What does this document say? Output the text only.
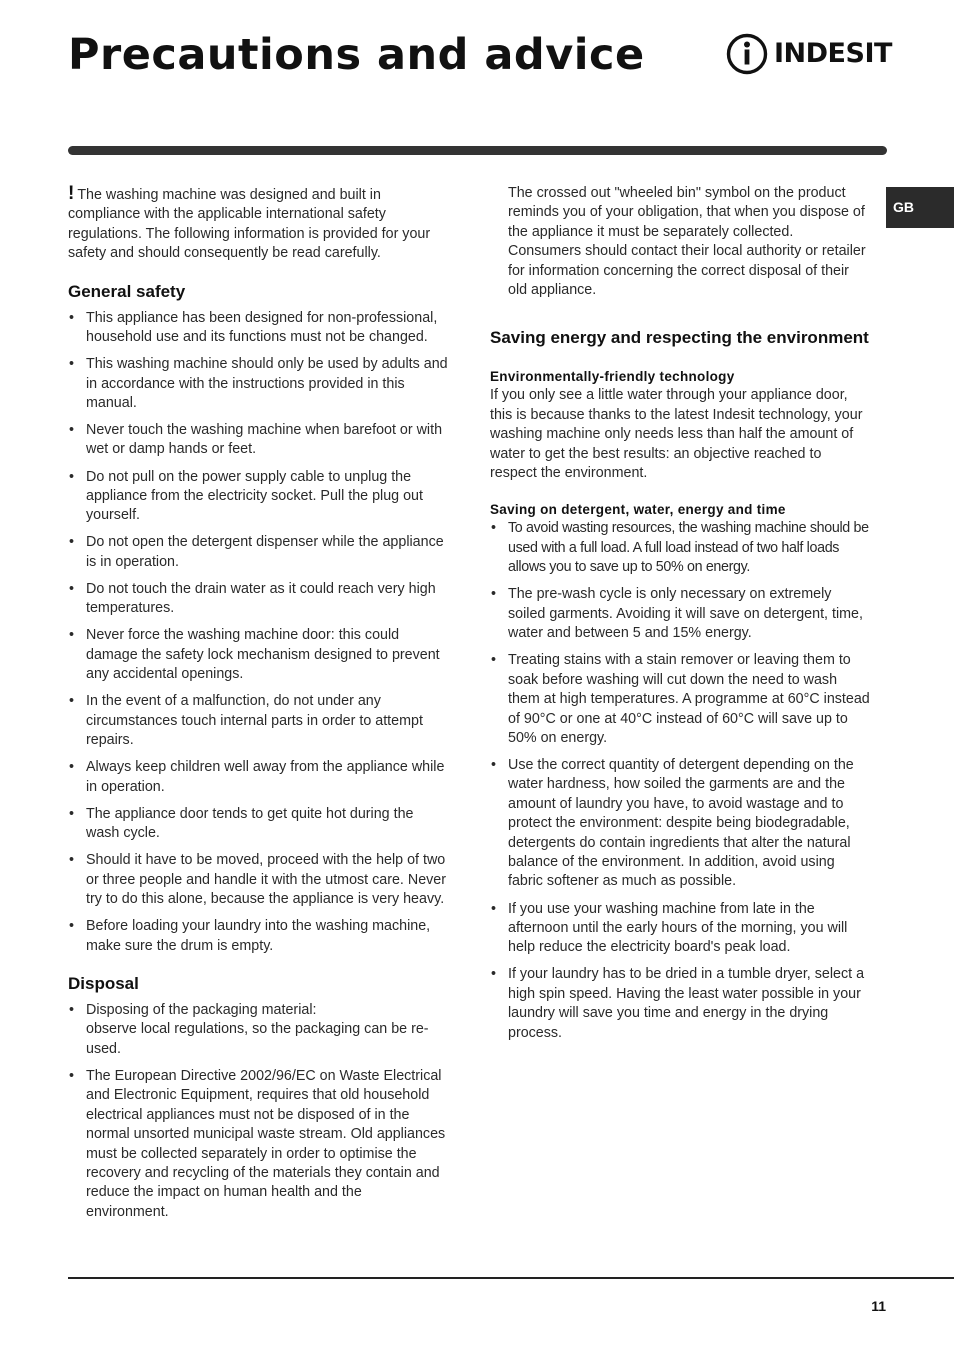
Precautions and advice	INDESIT
GB

! The washing machine was designed and built in compliance with the applicable international safety regulations. The following information is provided for your safety and should consequently be read carefully.

General safety
• This appliance has been designed for non-professional, household use and its functions must not be changed.
• This washing machine should only be used by adults and in accordance with the instructions provided in this manual.
• Never touch the washing machine when barefoot or with wet or damp hands or feet.
• Do not pull on the power supply cable to unplug the appliance from the electricity socket. Pull the plug out yourself.
• Do not open the detergent dispenser while the appliance is in operation.
• Do not touch the drain water as it could reach very high temperatures.
• Never force the washing machine door: this could damage the safety lock mechanism designed to prevent any accidental openings.
• In the event of a malfunction, do not under any circumstances touch internal parts in order to attempt repairs.
• Always keep children well away from the appliance while in operation.
• The appliance door tends to get quite hot during the wash cycle.
• Should it have to be moved, proceed with the help of two or three people and handle it with the utmost care. Never try to do this alone, because the appliance is very heavy.
• Before loading your laundry into the washing machine, make sure the drum is empty.
Disposal
• Disposing of the packaging material:
observe local regulations, so the packaging can be re-used.
• The European Directive 2002/96/EC on Waste Electrical and Electronic Equipment, requires that old household electrical appliances must not be disposed of in the normal unsorted municipal waste stream. Old appliances must be collected separately in order to optimise the recovery and recycling of the materials they contain and reduce the impact on human health and the environment.

The crossed out "wheeled bin" symbol on the product reminds you of your obligation, that when you dispose of the appliance it must be separately collected.

Consumers should contact their local authority or retailer for information concerning the correct disposal of their old appliance.

Saving energy and respecting the environment
Environmentally-friendly technology

If you only see a little water through your appliance door, this is because thanks to the latest Indesit technology, your washing machine only needs less than half the amount of water to get the best results: an objective reached to respect the environment.

Saving on detergent, water, energy and time
• To avoid wasting resources, the washing machine should be used with a full load. A full load instead of two half loads allows you to save up to 50% on energy.
• The pre-wash cycle is only necessary on extremely soiled garments. Avoiding it will save on detergent, time, water and between 5 and 15% energy.
• Treating stains with a stain remover or leaving them to soak before washing will cut down the need to wash them at high temperatures. A programme at 60°C instead of 90°C or one at 40°C instead of 60°C will save up to 50% on energy.
• Use the correct quantity of detergent depending on the water hardness, how soiled the garments are and the amount of laundry you have, to avoid wastage and to protect the environment: despite being biodegradable, detergents do contain ingredients that alter the natural balance of the environment. In addition, avoid using fabric softener as much as possible.
• If you use your washing machine from late in the afternoon until the early hours of the morning, you will help reduce the electricity board's peak load.
• If your laundry has to be dried in a tumble dryer, select a high spin speed. Having the least water possible in your laundry will save you time and energy in the drying process.
11
